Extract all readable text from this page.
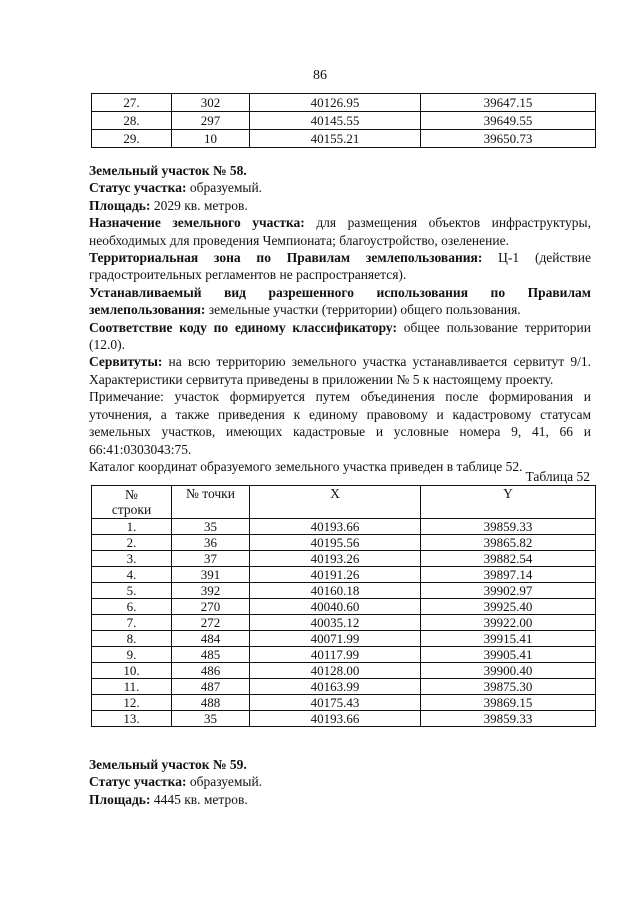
86
27.	302	40126.95	39647.15
28.	297	40145.55	39649.55
29.	10	40155.21	39650.73

Земельный участок № 58.

Статус участка: образуемый.

Площадь: 2029 кв. метров.

Назначение земельного участка: для размещения объектов инфраструктуры, необходимых для проведения Чемпионата; благоустройство, озеленение.

Территориальная зона по Правилам землепользования: Ц-1 (действие градостроительных регламентов не распространяется).

Устанавливаемый вид разрешенного использования по Правилам землепользования: земельные участки (территории) общего пользования.

Соответствие коду по единому классификатору: общее пользование территории (12.0).

Сервитуты: на всю территорию земельного участка устанавливается сервитут 9/1. Характеристики сервитута приведены в приложении № 5 к настоящему проекту.

Примечание: участок формируется путем объединения после формирования и уточнения, а также приведения к единому правовому и кадастровому статусам земельных участков, имеющих кадастровые и условные номера 9, 41, 66 и 66:41:0303043:75.

Каталог координат образуемого земельного участка приведен в таблице 52.

Таблица 52
№
строки	№ точки	X	Y
1.	35	40193.66	39859.33
2.	36	40195.56	39865.82
3.	37	40193.26	39882.54
4.	391	40191.26	39897.14
5.	392	40160.18	39902.97
6.	270	40040.60	39925.40
7.	272	40035.12	39922.00
8.	484	40071.99	39915.41
9.	485	40117.99	39905.41
10.	486	40128.00	39900.40
11.	487	40163.99	39875.30
12.	488	40175.43	39869.15
13.	35	40193.66	39859.33

Земельный участок № 59.

Статус участка: образуемый.

Площадь: 4445 кв. метров.
